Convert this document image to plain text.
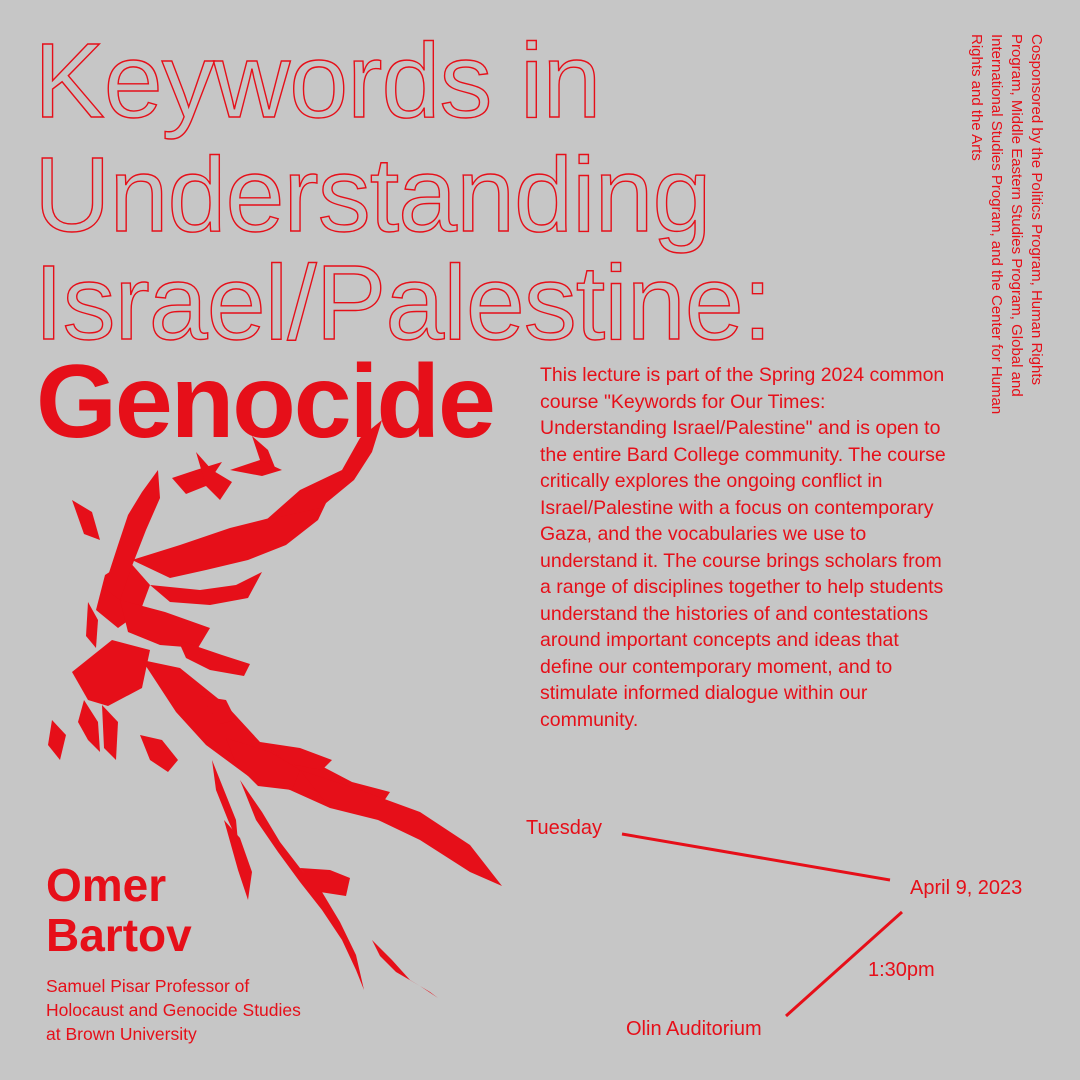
Keywords in
Understanding
Israel/Palestine:
Genocide This lecture is part of the Spring 2024 common course "Keywords for Our Times: Understanding Israel/Palestine" and is open to the entire Bard College community. The course critically explores the ongoing conflict in Israel/Palestine with a focus on contemporary Gaza, and the vocabularies we use to understand it. The course brings scholars from a range of disciplines together to help students understand the histories of and contestations around important concepts and ideas that define our contemporary moment, and to stimulate informed dialogue within our community.

Cosponsored by the Politics Program, Human Rights Program, Middle Eastern Studies Program, Global and International Studies Program, and the Center for Human Rights and the Arts

Omer Bartov

Samuel Pisar Professor of Holocaust and Genocide Studies at Brown University

Tuesday

April 9, 2023

1:30pm

Olin Auditorium
